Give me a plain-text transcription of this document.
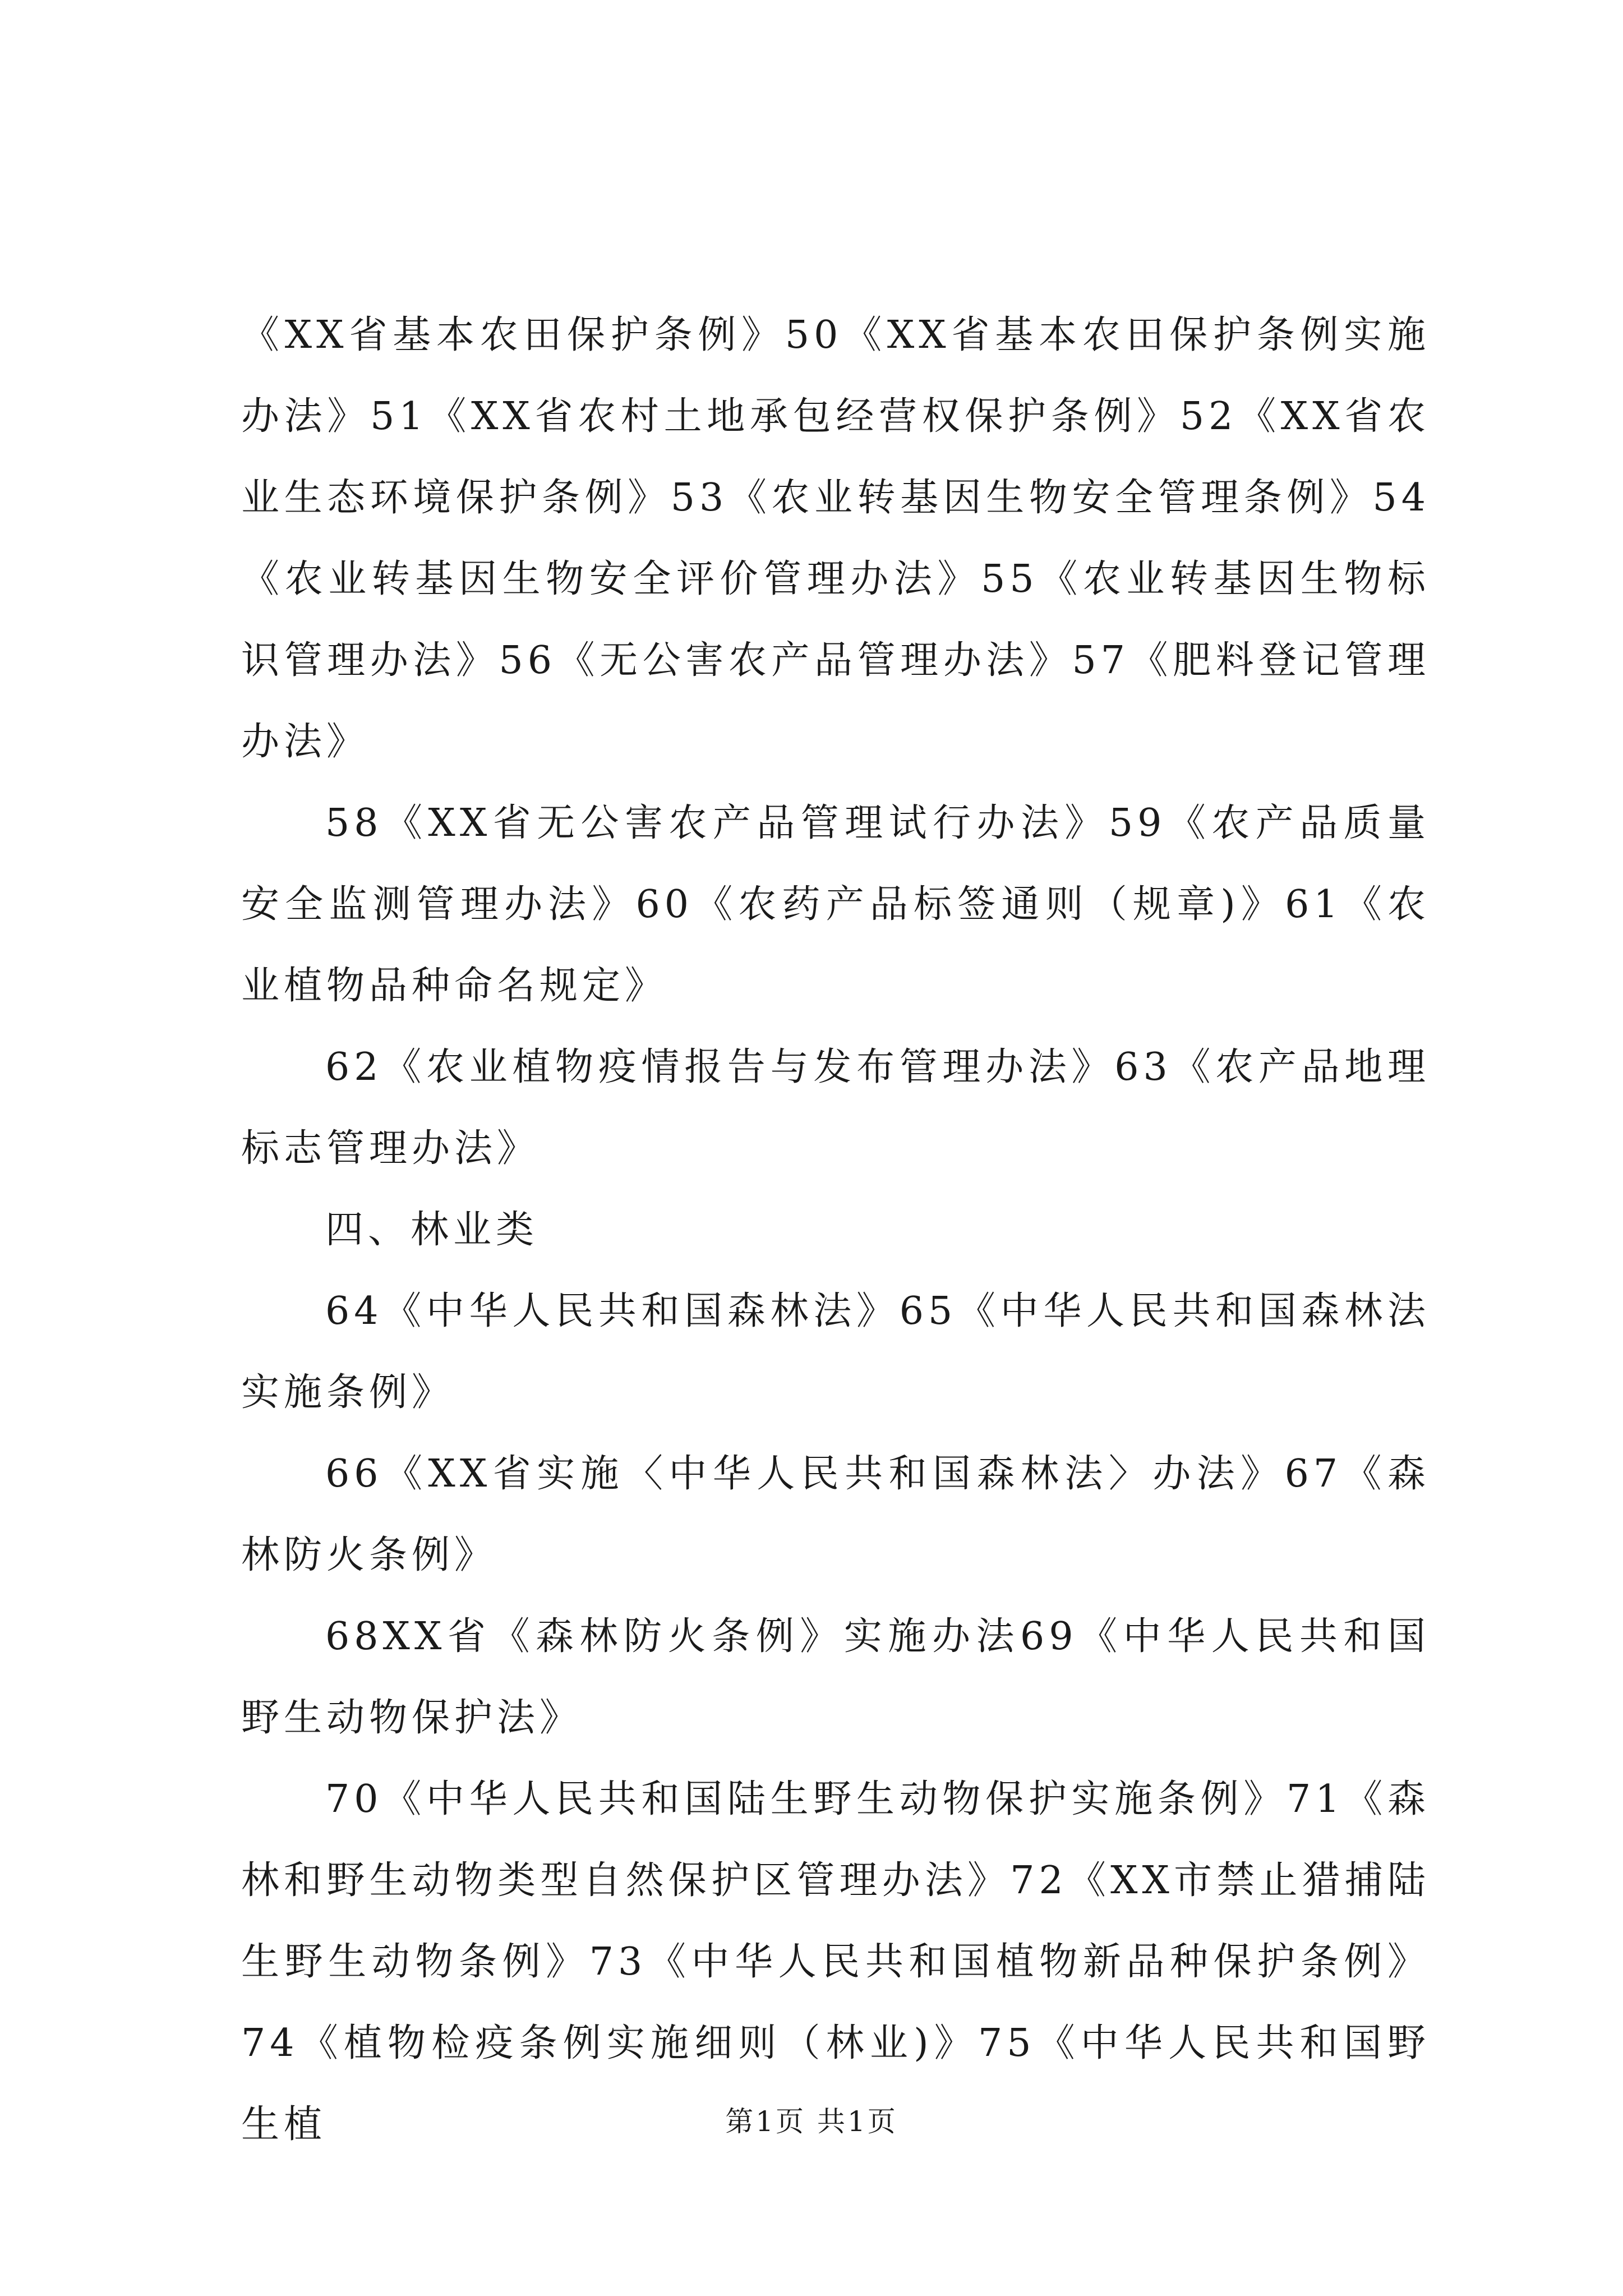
《XX省基本农田保护条例》50《XX省基本农田保护条例实施办法》51《XX省农村土地承包经营权保护条例》52《XX省农业生态环境保护条例》53《农业转基因生物安全管理条例》54《农业转基因生物安全评价管理办法》55《农业转基因生物标识管理办法》56《无公害农产品管理办法》57《肥料登记管理办法》

58《XX省无公害农产品管理试行办法》59《农产品质量安全监测管理办法》60《农药产品标签通则（规章)》61《农业植物品种命名规定》

62《农业植物疫情报告与发布管理办法》63《农产品地理标志管理办法》

四、林业类

64《中华人民共和国森林法》65《中华人民共和国森林法实施条例》

66《XX省实施〈中华人民共和国森林法〉办法》67《森林防火条例》

68XX省《森林防火条例》实施办法69《中华人民共和国野生动物保护法》

70《中华人民共和国陆生野生动物保护实施条例》71《森林和野生动物类型自然保护区管理办法》72《XX市禁止猎捕陆生野生动物条例》73《中华人民共和国植物新品种保护条例》74《植物检疫条例实施细则（林业)》75《中华人民共和国野生植	第1页 共1页
